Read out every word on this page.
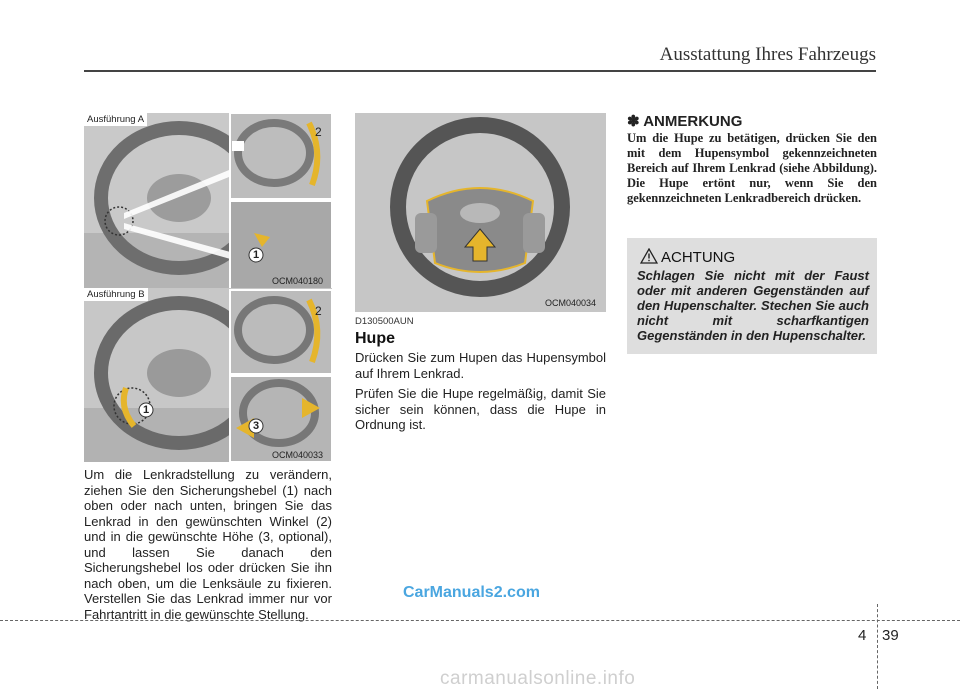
Ausstattung Ihres Fahrzeugs
2
1
Ausführung A
OCM040180
2
1
3
Ausführung B
OCM040033

Um die Lenkradstellung zu verändern, ziehen Sie den Sicherungshebel (1) nach oben oder nach unten, bringen Sie das Lenkrad in den gewünschten Winkel (2) und in die gewünschte Höhe (3, optional), und lassen Sie danach den Sicherungshebel los oder drücken Sie ihn nach oben, um die Lenksäule zu fixieren. Verstellen Sie das Lenkrad immer nur vor Fahrtantritt in die gewünschte Stellung.

OCM040034
D130500AUN
Hupe

Drücken Sie zum Hupen das Hupensymbol auf Ihrem Lenkrad.

Prüfen Sie die Hupe regelmäßig, damit Sie sicher sein können, dass die Hupe in Ordnung ist.

✽ ANMERKUNG
Um die Hupe zu betätigen, drücken Sie den mit dem Hupensymbol gekennzeichneten Bereich auf Ihrem Lenkrad (siehe Abbildung). Die Hupe ertönt nur, wenn Sie den gekennzeichneten Lenkradbereich drücken.
ACHTUNG
Schlagen Sie nicht mit der Faust oder mit anderen Gegenständen auf den Hupenschalter. Stechen Sie auch nicht mit scharfkantigen Gegenständen in den Hupenschalter.
CarManuals2.com
4 39
carmanualsonline.info
